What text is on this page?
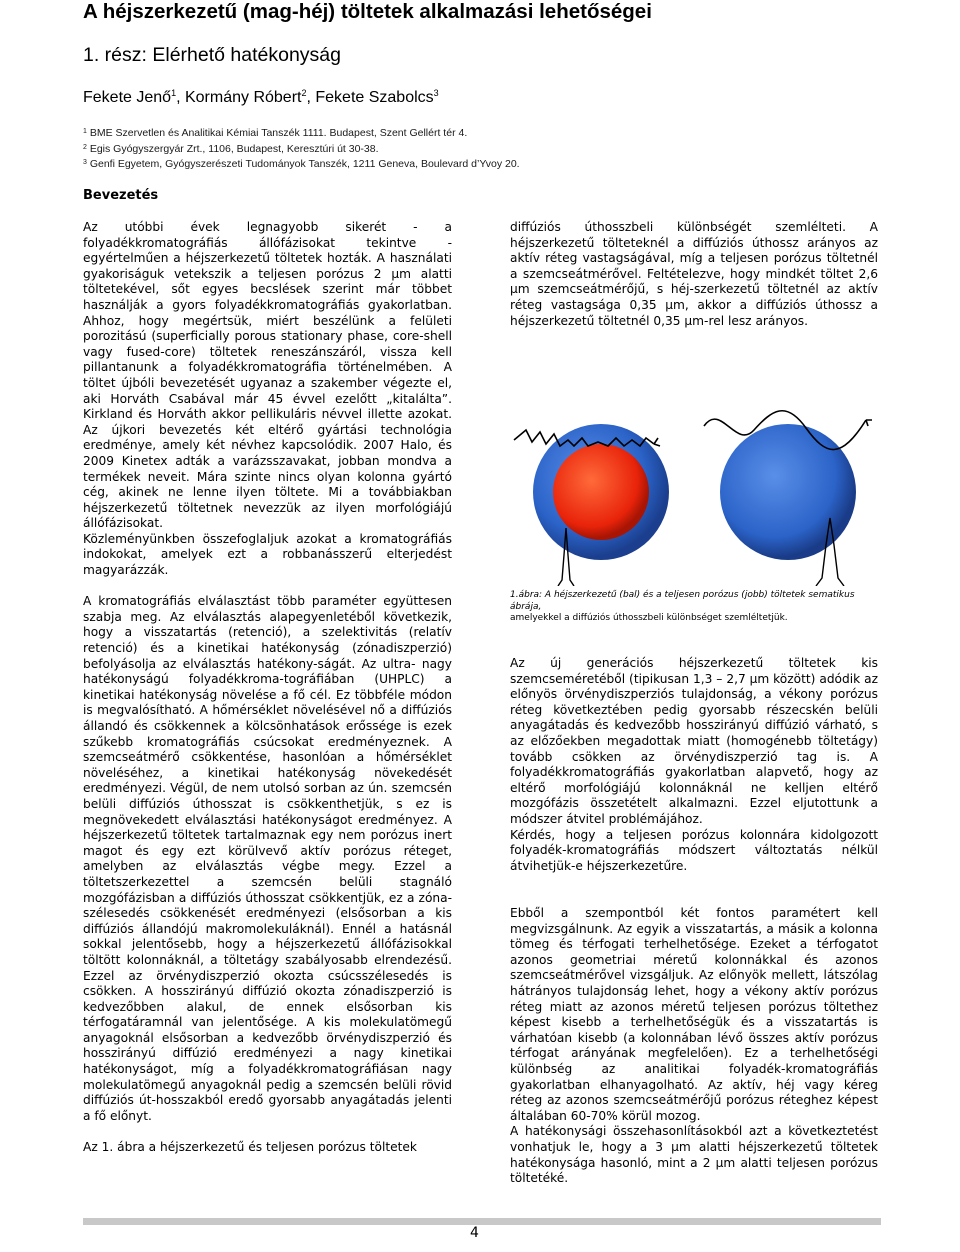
A héjszerkezetű (mag-héj) töltetek alkalmazási lehetőségei
1. rész: Elérhető hatékonyság
Fekete Jenő$^1$, Kormány Róbert$^2$, Fekete Szabolcs$^3$
$^1$ BME Szervetlen és Analitikai Kémiai Tanszék 1111. Budapest, Szent Gellért tér 4.
$^2$ Egis Gyógyszergyár Zrt., 1106, Budapest, Keresztúri út 30-38.
$^3$ Genfi Egyetem, Gyógyszerészeti Tudományok Tanszék, 1211 Geneva, Boulevard d’Yvoy 20.
Bevezetés

Az utóbbi évek legnagyobb sikerét - a folyadékkromatográfiás állófázisokat tekintve - egyértelműen a héjszerkezetű töltetek hozták. A használati gyakoriságuk vetekszik a teljesen porózus 2 μm alatti töltetekével, sőt egyes becslések szerint már többet használják a gyors folyadékkromatográfiás gyakorlatban. Ahhoz, hogy megértsük, miért beszélünk a felületi porozitású (superficially porous stationary phase, core-shell vagy fused-core) töltetek reneszánszáról, vissza kell pillantanunk a folyadékkromatográfia történelmében. A töltet újbóli bevezetését ugyanaz a szakember végezte el, aki Horváth Csabával már 45 évvel ezelőtt „kitalálta”. Kirkland és Horváth akkor pellikuláris névvel illette azokat. Az újkori bevezetés két eltérő gyártási technológia eredménye, amely két névhez kapcsolódik. 2007 Halo, és 2009 Kinetex adták a varázsszavakat, jobban mondva a termékek neveit. Mára szinte nincs olyan kolonna gyártó cég, akinek ne lenne ilyen töltete. Mi a továbbiakban héjszerkezetű töltetnek nevezzük az ilyen morfológiájú állófázisokat.

Közleményünkben összefoglaljuk azokat a kromatográfiás indokokat, amelyek ezt a robbanásszerű elterjedést magyarázzák.

A kromatográfiás elválasztást több paraméter együttesen szabja meg. Az elválasztás alapegyenletéből következik, hogy a visszatartás (retenció), a szelektivitás (relatív retenció) és a kinetikai hatékonyság (zónadiszperzió) befolyásolja az elválasztás hatékony-ságát. Az ultra- nagy hatékonyságú folyadékkroma-tográfiában (UHPLC) a kinetikai hatékonyság növelése a fő cél. Ez többféle módon is megvalósítható. A hőmérséklet növelésével nő a diffúziós állandó és csökkennek a kölcsönhatások erőssége is ezek szűkebb kromatográfiás csúcsokat eredményeznek. A szemcseátmérő csökkentése, hasonlóan a hőmérséklet növeléséhez, a kinetikai hatékonyság növekedését eredményezi. Végül, de nem utolsó sorban az ún. szemcsén belüli diffúziós úthosszat is csökkenthetjük, s ez is megnövekedett elválasztási hatékonyságot eredményez. A héjszerkezetű töltetek tartalmaznak egy nem porózus inert magot és egy ezt körülvevő aktív porózus réteget, amelyben az elválasztás végbe megy. Ezzel a töltetszerkezettel a szemcsén belüli stagnáló mozgófázisban a diffúziós úthosszat csökkentjük, ez a zóna-szélesedés csökkenését eredményezi (elsősorban a kis diffúziós állandójú makromolekuláknál). Ennél a hatásnál sokkal jelentősebb, hogy a héjszerkezetű állófázisokkal töltött kolonnáknál, a töltetágy szabályosabb elrendezésű. Ezzel az örvénydiszperzió okozta csúcsszélesedés is csökken. A hosszirányú diffúzió okozta zónadiszperzió is kedvezőbben alakul, de ennek elsősorban kis térfogatáramnál van jelentősége. A kis molekulatömegű anyagoknál elsősorban a kedvezőbb örvénydiszperzió és hosszirányú diffúzió eredményezi a nagy kinetikai hatékonyságot, míg a folyadékkromatográfiásan nagy molekulatömegű anyagoknál pedig a szemcsén belüli rövid diffúziós út-hosszakból eredő gyorsabb anyagátadás jelenti a fő előnyt.

Az 1. ábra a héjszerkezetű és teljesen porózus töltetek

diffúziós úthosszbeli különbségét szemlélteti. A héjszerkezetű tölteteknél a diffúziós úthossz arányos az aktív réteg vastagságával, míg a teljesen porózus töltetnél a szemcseátmérővel. Feltételezve, hogy mindkét töltet 2,6 μm szemcseátmérőjű, s héj-szerkezetű töltetnél az aktív réteg vastagsága 0,35 μm, akkor a diffúziós úthossz a héjszerkezetű töltetnél 0,35 μm-rel lesz arányos.

1.ábra: A héjszerkezetű (bal) és a teljesen porózus (jobb) töltetek sematikus ábrája,
amelyekkel a diffúziós úthosszbeli különbséget szemléltetjük.

Az új generációs héjszerkezetű töltetek kis szemcseméretéből (tipikusan 1,3 – 2,7 μm között) adódik az előnyös örvénydiszperziós tulajdonság, a vékony porózus réteg következtében pedig gyorsabb részecskén belüli anyagátadás és kedvezőbb hosszirányú diffúzió várható, s az előzőekben megadottak miatt (homogénebb töltetágy) tovább csökken az örvénydiszperzió tag is. A folyadékkromatográfiás gyakorlatban alapvető, hogy az eltérő morfológiájú kolonnáknál ne kelljen eltérő mozgófázis összetételt alkalmazni. Ezzel eljutottunk a módszer átvitel problémájához.

Kérdés, hogy a teljesen porózus kolonnára kidolgozott folyadék-kromatográfiás módszert változtatás nélkül átvihetjük-e héjszerkezetűre.

Ebből a szempontból két fontos paramétert kell megvizsgálnunk. Az egyik a visszatartás, a másik a kolonna tömeg és térfogati terhelhetősége. Ezeket a térfogatot azonos geometriai méretű kolonnákkal és azonos szemcseátmérővel vizsgáljuk. Az előnyök mellett, látszólag hátrányos tulajdonság lehet, hogy a vékony aktív porózus réteg miatt az azonos méretű teljesen porózus töltethez képest kisebb a terhelhetőségük és a visszatartás is várhatóan kisebb (a kolonnában lévő összes aktív porózus térfogat arányának megfelelően). Ez a terhelhetőségi különbség az analitikai folyadék-kromatográfiás gyakorlatban elhanyagolható. Az aktív, héj vagy kéreg réteg az azonos szemcseátmérőjű porózus réteghez képest általában 60-70% körül mozog.

A hatékonysági összehasonlításokból azt a következtetést vonhatjuk le, hogy a 3 μm alatti héjszerkezetű töltetek hatékonysága hasonló, mint a 2 μm alatti teljesen porózus töltetéké.

4
